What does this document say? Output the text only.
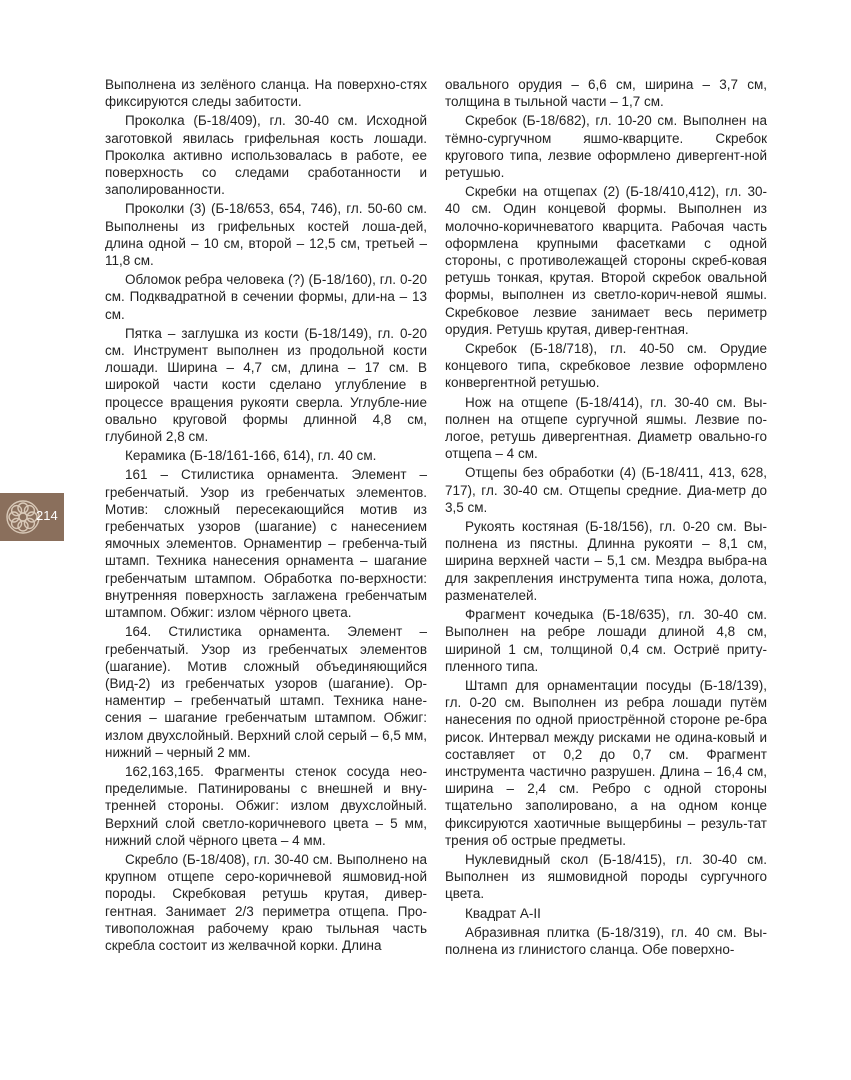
214

Выполнена из зелёного сланца. На поверхно-стях фиксируются следы забитости.

Проколка (Б-18/409), гл. 30-40 см. Исходной заготовкой явилась грифельная кость лошади. Проколка активно использовалась в работе, ее поверхность со следами сработанности и заполированности.

Проколки (3) (Б-18/653, 654, 746), гл. 50-60 см. Выполнены из грифельных костей лоша-дей, длина одной – 10 см, второй – 12,5 см, третьей – 11,8 см.

Обломок ребра человека (?) (Б-18/160), гл. 0-20 см. Подквадратной в сечении формы, дли-на – 13 см.

Пятка – заглушка из кости (Б-18/149), гл. 0-20 см. Инструмент выполнен из продольной кости лошади. Ширина – 4,7 см, длина – 17 см. В широкой части кости сделано углубление в процессе вращения рукояти сверла. Углубле-ние овально круговой формы длинной 4,8 см, глубиной 2,8 см.

Керамика (Б-18/161-166, 614), гл. 40 см.

161 – Стилистика орнамента. Элемент – гребенчатый. Узор из гребенчатых элементов. Мотив: сложный пересекающийся мотив из гребенчатых узоров (шагание) с нанесением ямочных элементов. Орнаментир – гребенча-тый штамп. Техника нанесения орнамента – шагание гребенчатым штампом. Обработка по-верхности: внутренняя поверхность заглажена гребенчатым штампом. Обжиг: излом чёрного цвета.

164. Стилистика орнамента. Элемент – гребенчатый. Узор из гребенчатых элементов (шагание). Мотив сложный объединяющийся (Вид-2) из гребенчатых узоров (шагание). Ор-наментир – гребенчатый штамп. Техника нане-сения – шагание гребенчатым штампом. Обжиг: излом двухслойный. Верхний слой серый – 6,5 мм, нижний – черный 2 мм.

162,163,165. Фрагменты стенок сосуда нео-пределимые. Патинированы с внешней и вну-тренней стороны. Обжиг: излом двухслойный. Верхний слой светло-коричневого цвета – 5 мм, нижний слой чёрного цвета – 4 мм.

Скребло (Б-18/408), гл. 30-40 см. Выполнено на крупном отщепе серо-коричневой яшмовид-ной породы. Скребковая ретушь крутая, дивер-гентная. Занимает 2/3 периметра отщепа. Про-тивоположная рабочему краю тыльная часть скребла состоит из желвачной корки. Длина

овального орудия – 6,6 см, ширина – 3,7 см, толщина в тыльной части – 1,7 см.

Скребок (Б-18/682), гл. 10-20 см. Выполнен на тёмно-сургучном яшмо-кварците. Скребок кругового типа, лезвие оформлено дивергент-ной ретушью.

Скребки на отщепах (2) (Б-18/410,412), гл. 30-40 см. Один концевой формы. Выполнен из молочно-коричневатого кварцита. Рабочая часть оформлена крупными фасетками с одной стороны, с противолежащей стороны скреб-ковая ретушь тонкая, крутая. Второй скребок овальной формы, выполнен из светло-корич-невой яшмы. Скребковое лезвие занимает весь периметр орудия. Ретушь крутая, дивер-гентная.

Скребок (Б-18/718), гл. 40-50 см. Орудие концевого типа, скребковое лезвие оформлено конвергентной ретушью.

Нож на отщепе (Б-18/414), гл. 30-40 см. Вы-полнен на отщепе сургучной яшмы. Лезвие по-логое, ретушь дивергентная. Диаметр овально-го отщепа – 4 см.

Отщепы без обработки (4) (Б-18/411, 413, 628, 717), гл. 30-40 см. Отщепы средние. Диа-метр до 3,5 см.

Рукоять костяная (Б-18/156), гл. 0-20 см. Вы-полнена из пястны. Длинна рукояти – 8,1 см, ширина верхней части – 5,1 см. Мездра выбра-на для закрепления инструмента типа ножа, долота, разменателей.

Фрагмент кочедыка (Б-18/635), гл. 30-40 см. Выполнен на ребре лошади длиной 4,8 см, шириной 1 см, толщиной 0,4 см. Остриё приту-пленного типа.

Штамп для орнаментации посуды (Б-18/139), гл. 0-20 см. Выполнен из ребра лошади путём нанесения по одной приострённой стороне ре-бра рисок. Интервал между рисками не одина-ковый и составляет от 0,2 до 0,7 см. Фрагмент инструмента частично разрушен. Длина – 16,4 см, ширина – 2,4 см. Ребро с одной стороны тщательно заполировано, а на одном конце фиксируются хаотичные выщербины – резуль-тат трения об острые предметы.

Нуклевидный скол (Б-18/415), гл. 30-40 см. Выполнен из яшмовидной породы сургучного цвета.

Квадрат А-II

Абразивная плитка (Б-18/319), гл. 40 см. Вы-полнена из глинистого сланца. Обе поверхно-
